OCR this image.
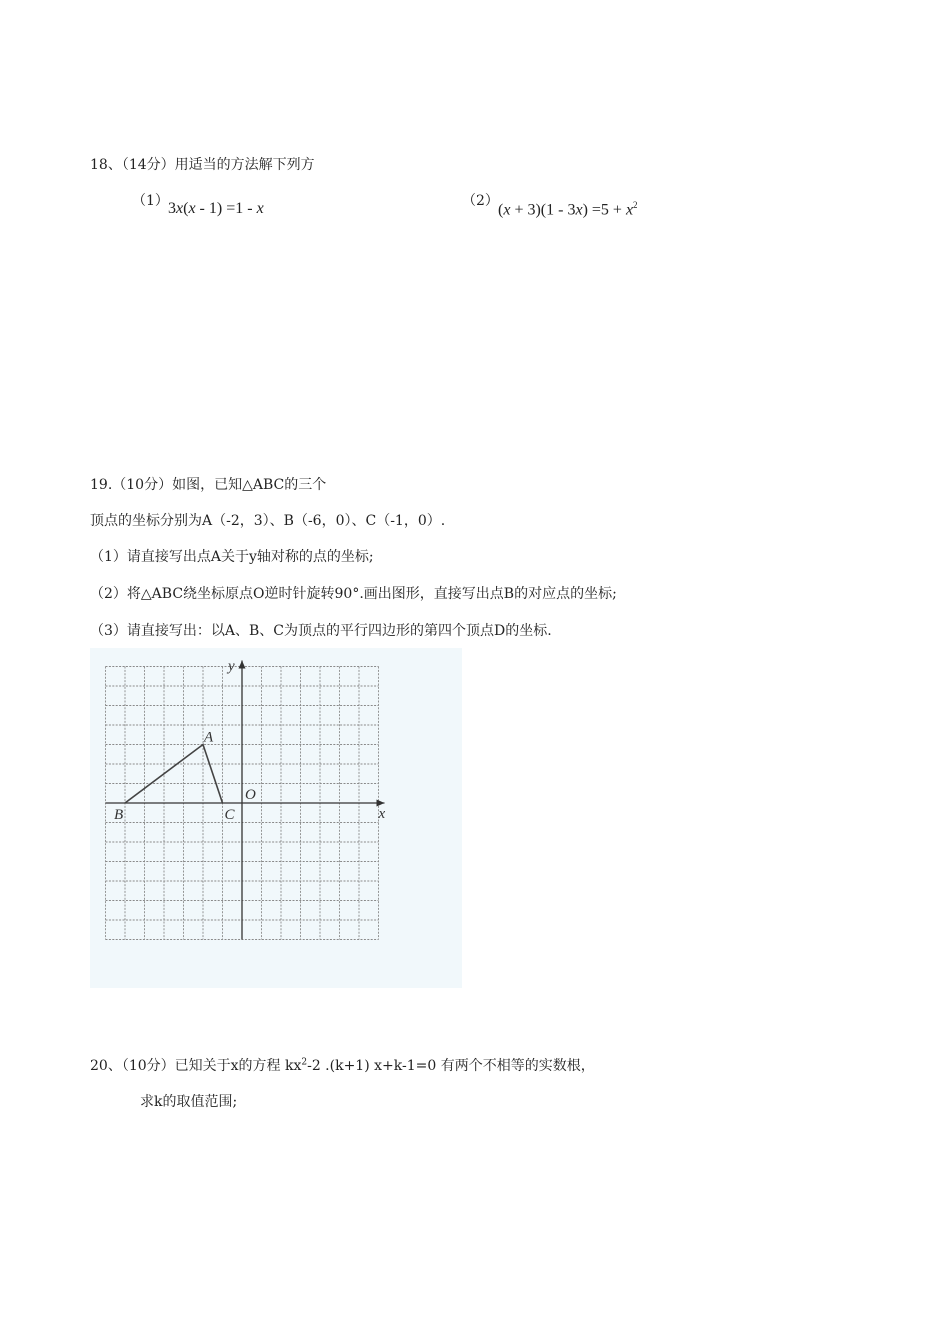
18、（14分）用适当的方法解下列方
（1） 3x(x - 1) =1 - x	（2）
$(x + 3)(1 - 3x) =5 + x^2$
19.（10分）如图，已知△ABC的三个
顶点的坐标分别为A（-2，3）、B（-6，0）、C（-1，0）.
（1）请直接写出点A关于y轴对称的点的坐标;
（2）将△ABC绕坐标原点O逆时针旋转90°.画出图形，直接写出点B的对应点的坐标;
（3）请直接写出：以A、B、C为顶点的平行四边形的第四个顶点D的坐标.
y
x
O
A
B	C
20、（10分）已知关于x的方程 $kx^2-2$ .(k+1) x+k-1=0 有两个不相等的实数根，
求k的取值范围;
